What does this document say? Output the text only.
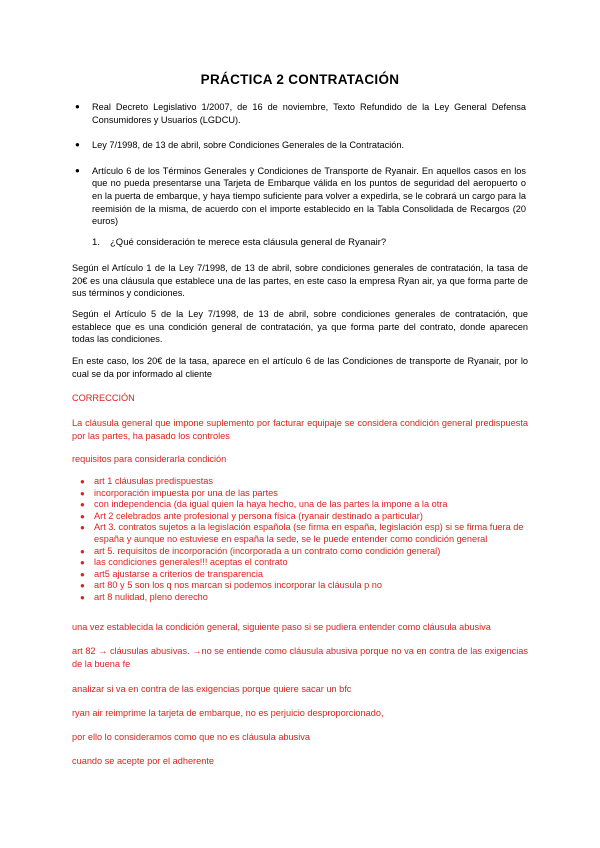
PRÁCTICA 2 CONTRATACIÓN
● Real Decreto Legislativo 1/2007, de 16 de noviembre, Texto Refundido de la Ley General Defensa Consumidores y Usuarios (LGDCU).
● Ley 7/1998, de 13 de abril, sobre Condiciones Generales de la Contratación.
● Artículo 6 de los Términos Generales y Condiciones de Transporte de Ryanair. En aquellos casos en los que no pueda presentarse una Tarjeta de Embarque válida en los puntos de seguridad del aeropuerto o en la puerta de embarque, y haya tiempo suficiente para volver a expedirla, se le cobrará un cargo para la reemisión de la misma, de acuerdo con el importe establecido en la Tabla Consolidada de Recargos (20 euros)
1. ¿Qué consideración te merece esta cláusula general de Ryanair?

Según el Artículo 1 de la Ley 7/1998, de 13 de abril, sobre condiciones generales de contratación, la tasa de 20€ es una cláusula que establece una de las partes, en este caso la empresa Ryan air, ya que forma parte de sus términos y condiciones.

Según el Artículo 5 de la Ley 7/1998, de 13 de abril, sobre condiciones generales de contratación, que establece que es una condición general de contratación, ya que forma parte del contrato, donde aparecen todas las condiciones.

En este caso, los 20€ de la tasa, aparece en el artículo 6 de las Condiciones de transporte de Ryanair, por lo cual se da por informado al cliente

CORRECCIÓN

La cláusula general que impone suplemento por facturar equipaje se considera condición general predispuesta por las partes, ha pasado los controles

requisitos para considerarla condición

● art 1 cláusulas predispuestas
● incorporación impuesta por una de las partes
● con independencia (da igual quien la haya hecho, una de las partes la impone a la otra
● Art 2 celebrados ante profesional y persona física (ryanair destinado a particular)
● Art 3. contratos sujetos a la legislación española (se firma en españa, legislación esp) si se firma fuera de españa y aunque no estuviese en españa la sede, se le puede entender como condición general
● art 5. requisitos de incorporación (incorporada a un contrato como condición general)
● las condiciones generales!!! aceptas el contrato
● art5 ajustarse a criterios de transparencia
● art 80 y 5 son los q nos marcan si podemos incorporar la cláusula p no
● art 8 nulidad, pleno derecho

una vez establecida la condición general, siguiente paso si se pudiera entender como cláusula abusiva

art 82 → cláusulas abusivas. →no se entiende como cláusula abusiva porque no va en contra de las exigencias de la buena fe

analizar si va en contra de las exigencias porque quiere sacar un bfc

ryan air reimprime la tarjeta de embarque, no es perjuicio desproporcionado,

por ello lo consideramos como que no es cláusula abusiva

cuando se acepte por el adherente
